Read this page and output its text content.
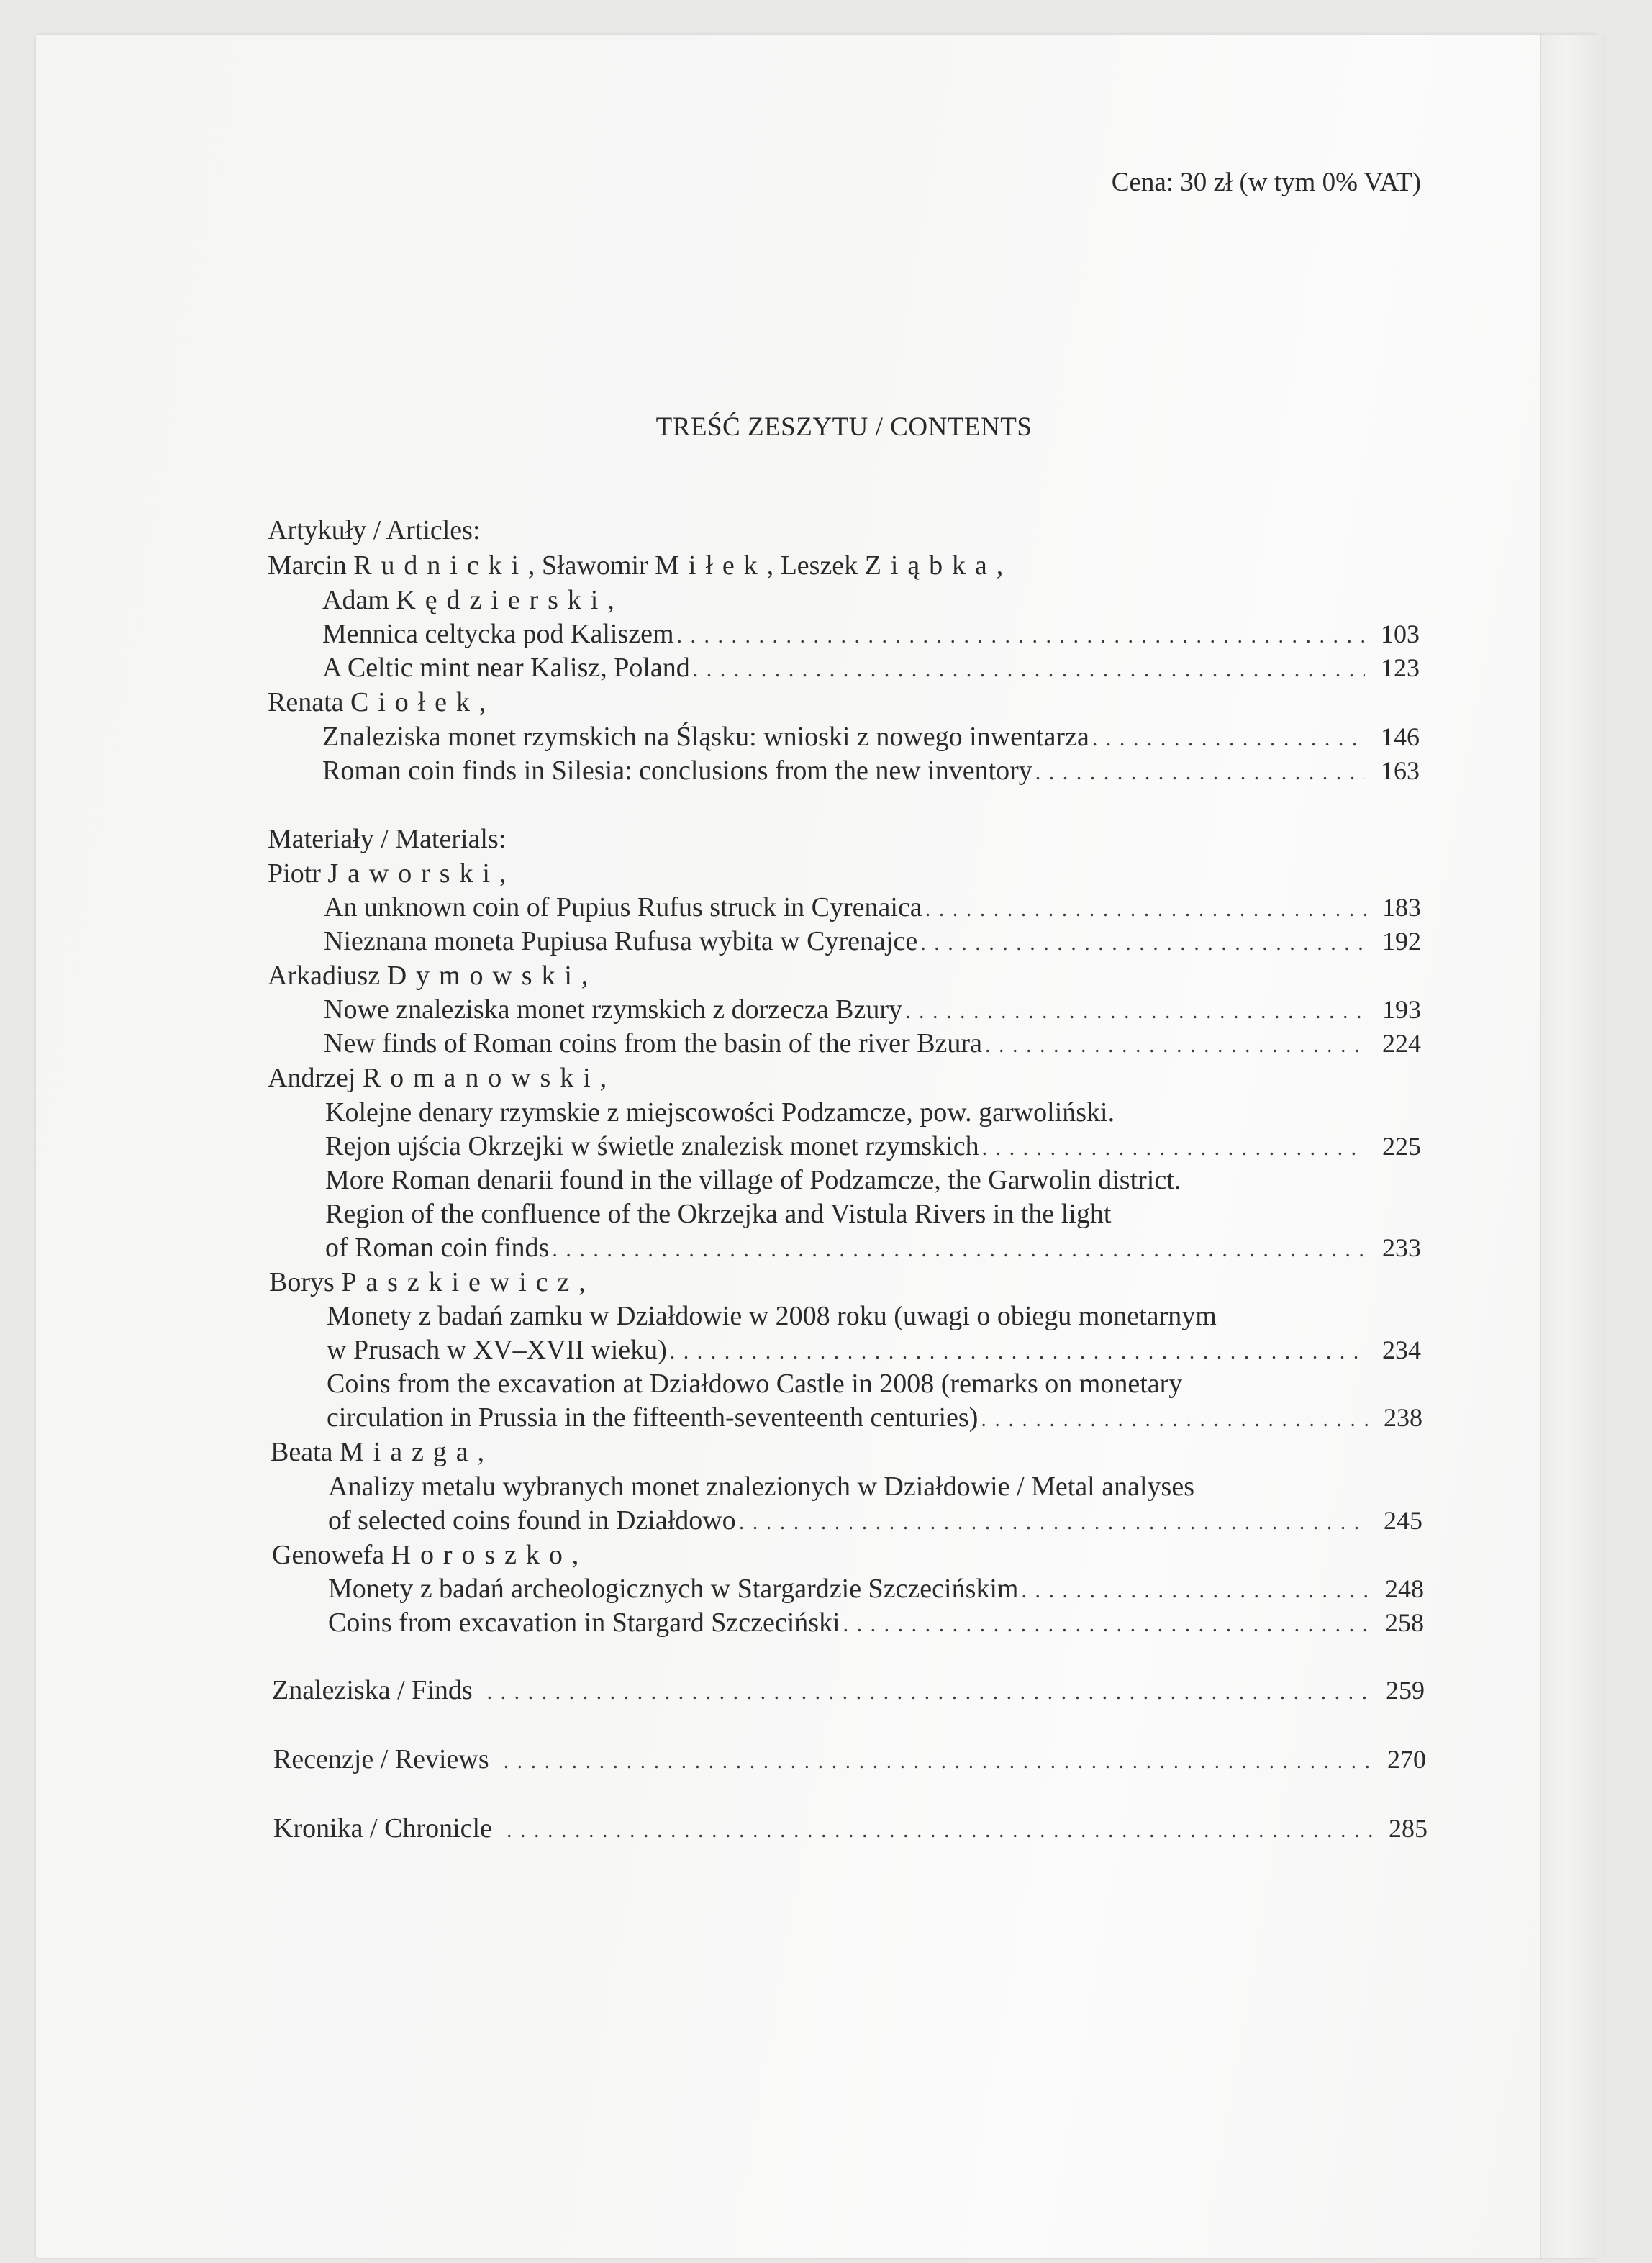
Cena: 30 zł (w tym 0% VAT)
TREŚĆ ZESZYTU / CONTENTS
Artykuły / Articles:
Marcin Rudnicki, Sławomir Miłek, Leszek Ziąbka,
Adam Kędzierski,
Mennica celtycka pod Kaliszem . . .	103
A Celtic mint near Kalisz, Poland . . .	123
Renata Ciołek,
Znaleziska monet rzymskich na Śląsku: wnioski z nowego inwentarza . . .	146
Roman coin finds in Silesia: conclusions from the new inventory . . .	163
Materiały / Materials:
Piotr Jaworski,
An unknown coin of Pupius Rufus struck in Cyrenaica . . .	183
Nieznana moneta Pupiusa Rufusa wybita w Cyrenajce . . .	192
Arkadiusz Dymowski,
Nowe znaleziska monet rzymskich z dorzecza Bzury . . .	193
New finds of Roman coins from the basin of the river Bzura . . .	224
Andrzej Romanowski,
Kolejne denary rzymskie z miejscowości Podzamcze, pow. garwoliński.
Rejon ujścia Okrzejki w świetle znalezisk monet rzymskich . . .	225
More Roman denarii found in the village of Podzamcze, the Garwolin district.
Region of the confluence of the Okrzejka and Vistula Rivers in the light
of Roman coin finds . . .	233
Borys Paszkiewicz,
Monety z badań zamku w Działdowie w 2008 roku (uwagi o obiegu monetarnym
w Prusach w XV–XVII wieku) . . .	234
Coins from the excavation at Działdowo Castle in 2008 (remarks on monetary
circulation in Prussia in the fifteenth-seventeenth centuries) . . .	238
Beata Miazga,
Analizy metalu wybranych monet znalezionych w Działdowie / Metal analyses
of selected coins found in Działdowo . . .	245
Genowefa Horoszko,
Monety z badań archeologicznych w Stargardzie Szczecińskim . . .	248
Coins from excavation in Stargard Szczeciński . . .	258
Znaleziska / Finds . . .	259
Recenzje / Reviews . . .	270
Kronika / Chronicle . . .	285
